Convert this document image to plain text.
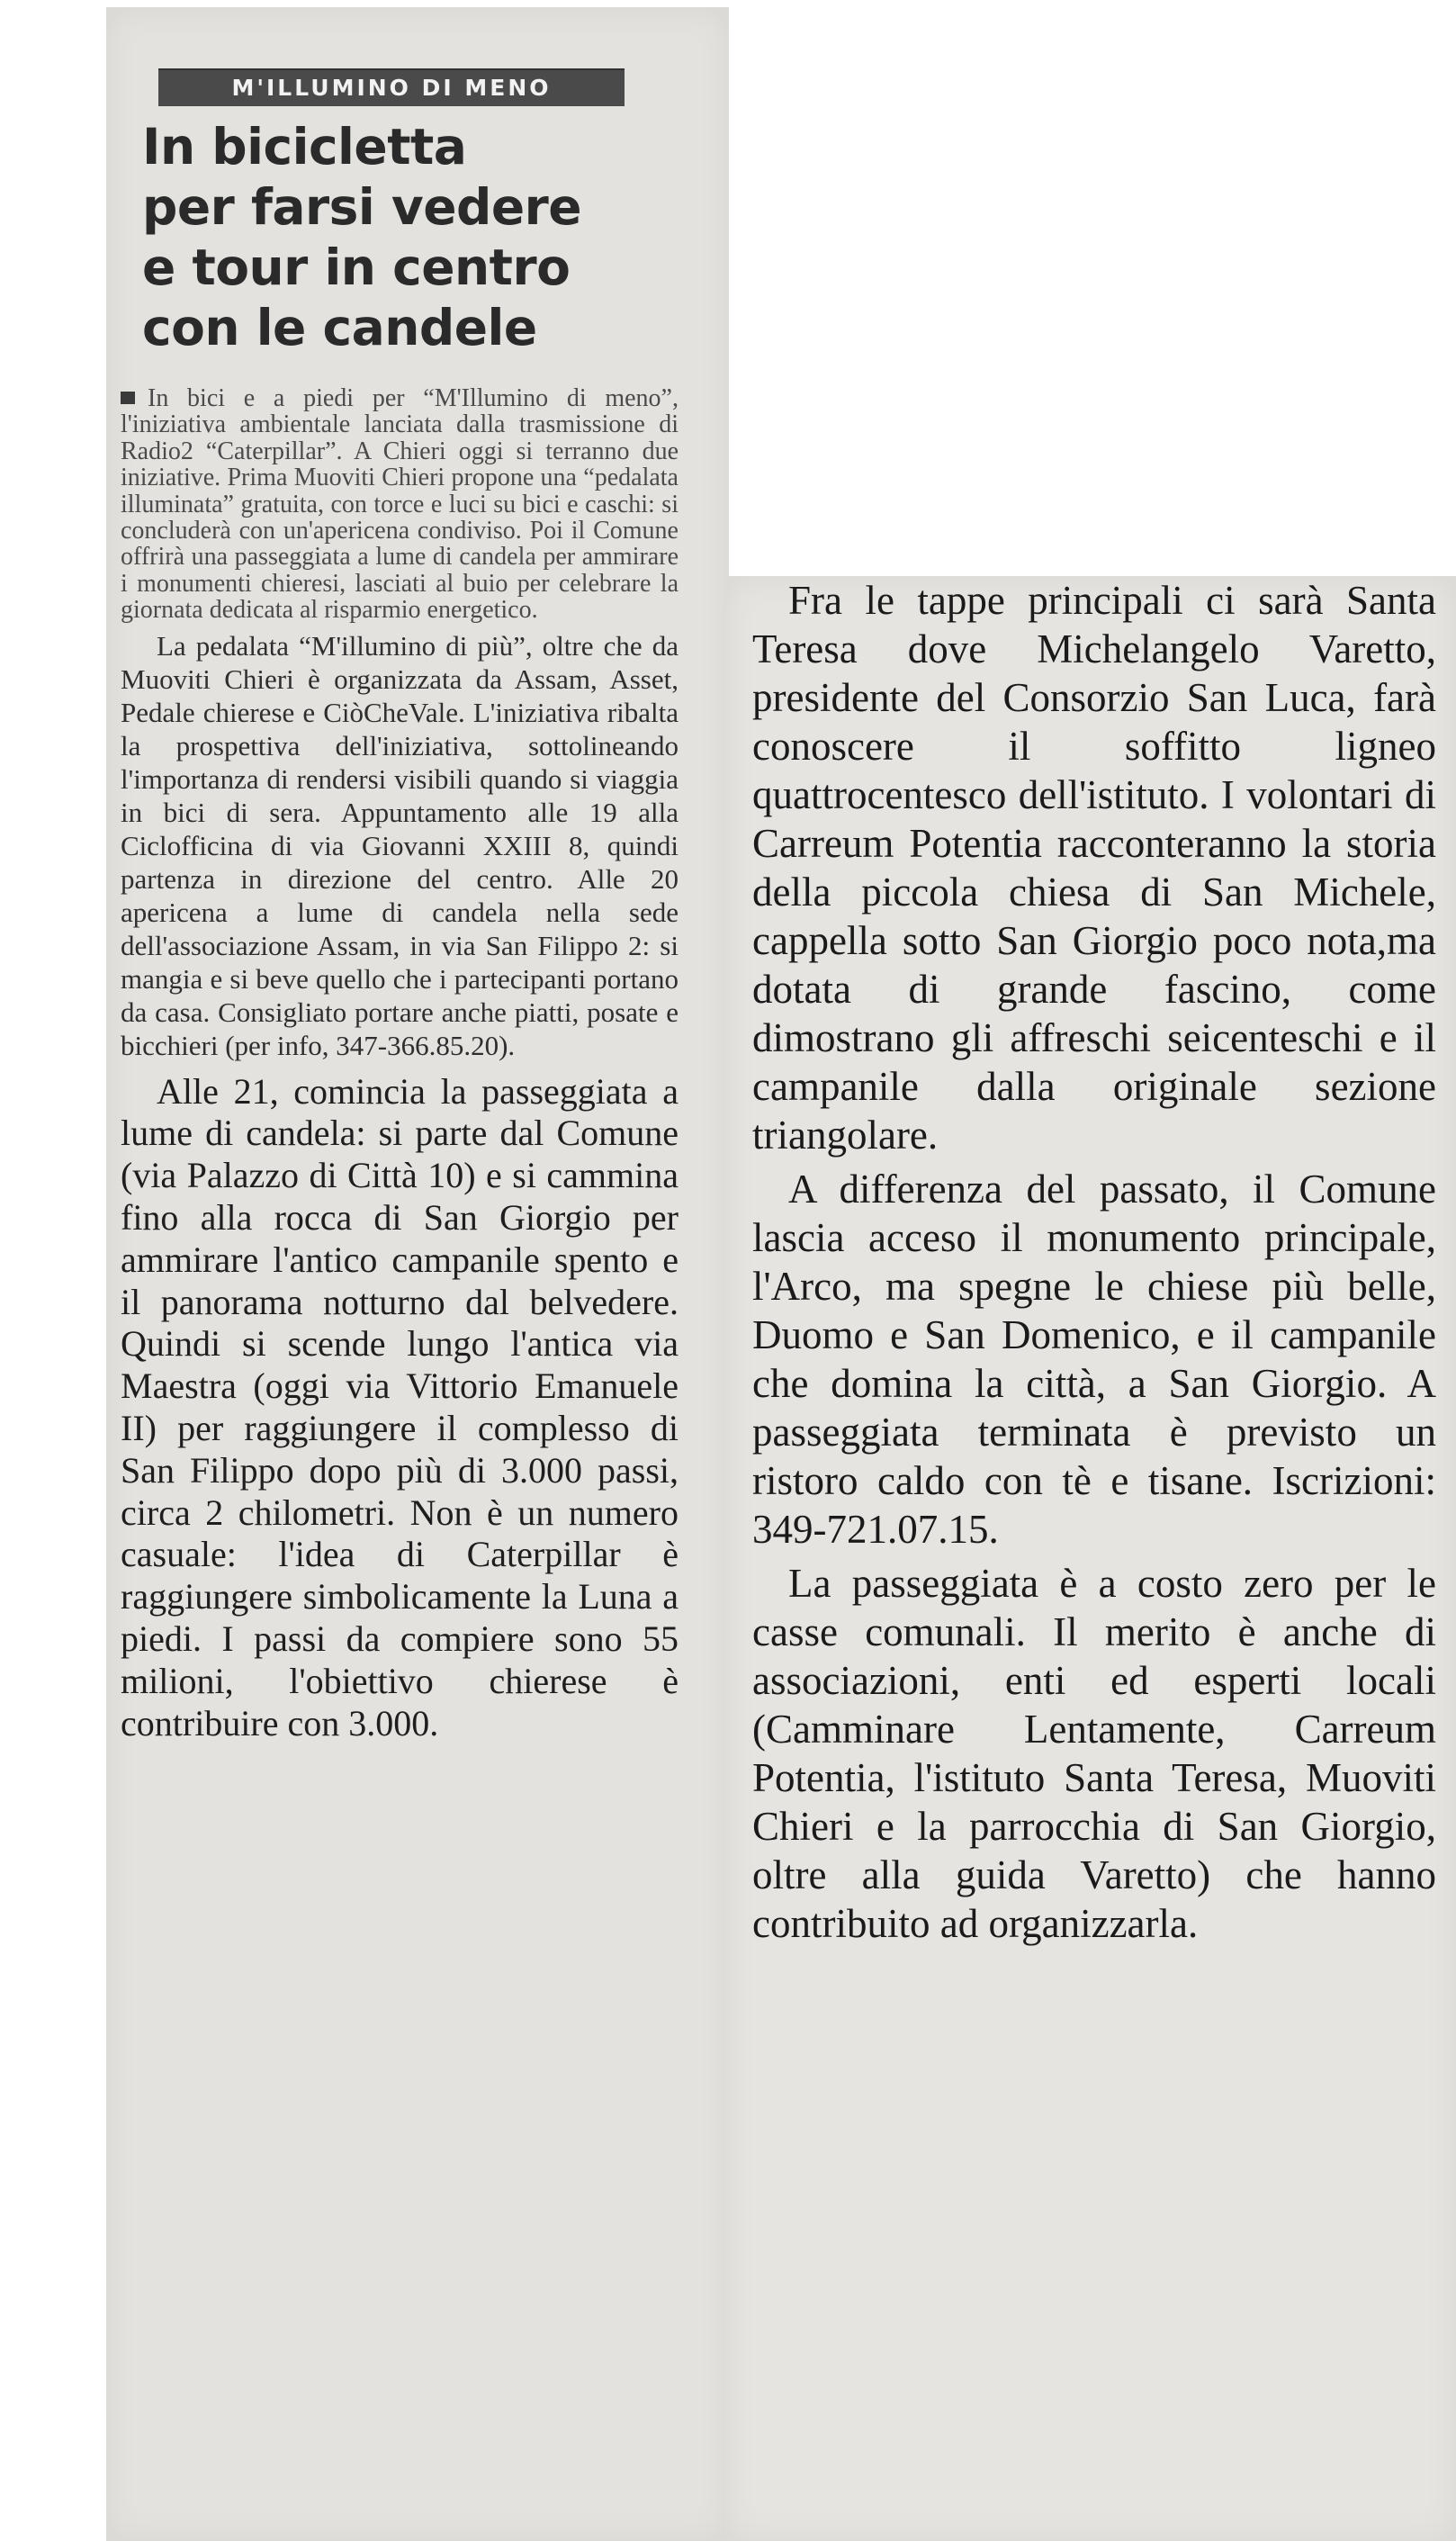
M'ILLUMINO DI MENO
In bicicletta
per farsi vedere
e tour in centro
con le candele

In bici e a piedi per “M'Illumino di meno”, l'iniziativa ambientale lanciata dalla trasmissione di Radio2 “Caterpillar”. A Chieri oggi si terranno due iniziative. Prima Muoviti Chieri propone una “pedalata illuminata” gratuita, con torce e luci su bici e caschi: si concluderà con un'apericena condiviso. Poi il Comune offrirà una passeggiata a lume di candela per ammirare i monumenti chieresi, lasciati al buio per celebrare la giornata dedicata al risparmio energetico.

La pedalata “M'illumino di più”, oltre che da Muoviti Chieri è organizzata da Assam, Asset, Pedale chierese e CiòCheVale. L'iniziativa ribalta la prospettiva dell'iniziativa, sottolineando l'importanza di rendersi visibili quando si viaggia in bici di sera. Appuntamento alle 19 alla Ciclofficina di via Giovanni XXIII 8, quindi partenza in direzione del centro. Alle 20 apericena a lume di candela nella sede dell'associazione Assam, in via San Filippo 2: si mangia e si beve quello che i partecipanti portano da casa. Consigliato portare anche piatti, posate e bicchieri (per info, 347-366.85.20).

Alle 21, comincia la passeggiata a lume di candela: si parte dal Comune (via Palazzo di Città 10) e si cammina fino alla rocca di San Giorgio per ammirare l'antico campanile spento e il panorama notturno dal belvedere. Quindi si scende lungo l'antica via Maestra (oggi via Vittorio Emanuele II) per raggiungere il complesso di San Filippo dopo più di 3.000 passi, circa 2 chilometri. Non è un numero casuale: l'idea di Caterpillar è raggiungere simbolicamente la Luna a piedi. I passi da compiere sono 55 milioni, l'obiettivo chierese è contribuire con 3.000.

Fra le tappe principali ci sarà Santa Teresa dove Michelangelo Varetto, presidente del Consorzio San Luca, farà conoscere il soffitto ligneo quattrocentesco dell'istituto. I volontari di Carreum Potentia racconteranno la storia della piccola chiesa di San Michele, cappella sotto San Giorgio poco nota,ma dotata di grande fascino, come dimostrano gli affreschi seicenteschi e il campanile dalla originale sezione triangolare.

A differenza del passato, il Comune lascia acceso il monumento principale, l'Arco, ma spegne le chiese più belle, Duomo e San Domenico, e il campanile che domina la città, a San Giorgio. A passeggiata terminata è previsto un ristoro caldo con tè e tisane. Iscrizioni: 349-721.07.15.

La passeggiata è a costo zero per le casse comunali. Il merito è anche di associazioni, enti ed esperti locali (Camminare Lentamente, Carreum Potentia, l'istituto Santa Teresa, Muoviti Chieri e la parrocchia di San Giorgio, oltre alla guida Varetto) che hanno contribuito ad organizzarla.
